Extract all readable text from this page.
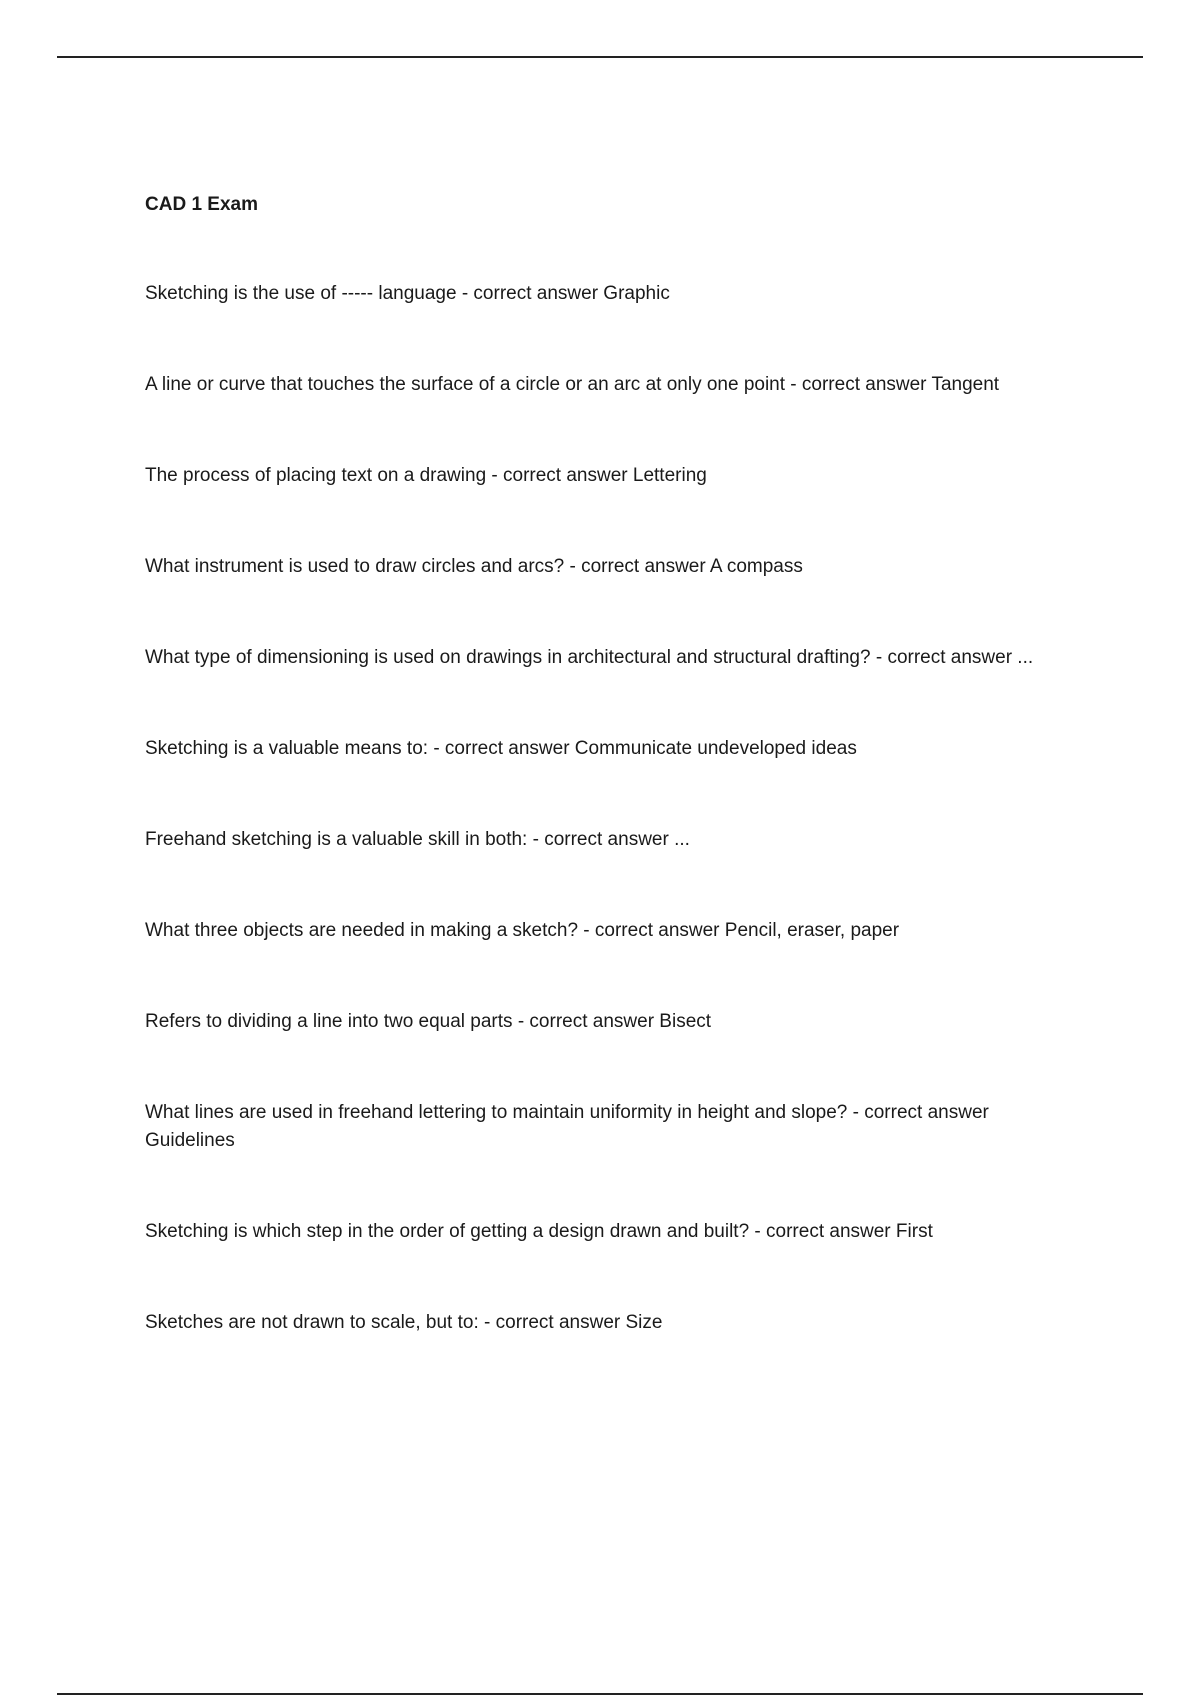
CAD 1 Exam
Sketching is the use of ----- language - correct answer Graphic
A line or curve that touches the surface of a circle or an arc at only one point - correct answer Tangent
The process of placing text on a drawing - correct answer Lettering
What instrument is used to draw circles and arcs? - correct answer A compass
What type of dimensioning is used on drawings in architectural and structural drafting? - correct answer ...
Sketching is a valuable means to: - correct answer Communicate undeveloped ideas
Freehand sketching is a valuable skill in both: - correct answer ...
What three objects are needed in making a sketch? - correct answer Pencil, eraser, paper
Refers to dividing a line into two equal parts - correct answer Bisect
What lines are used in freehand lettering to maintain uniformity in height and slope? - correct answer Guidelines
Sketching is which step in the order of getting a design drawn and built? - correct answer First
Sketches are not drawn to scale, but to: - correct answer Size
